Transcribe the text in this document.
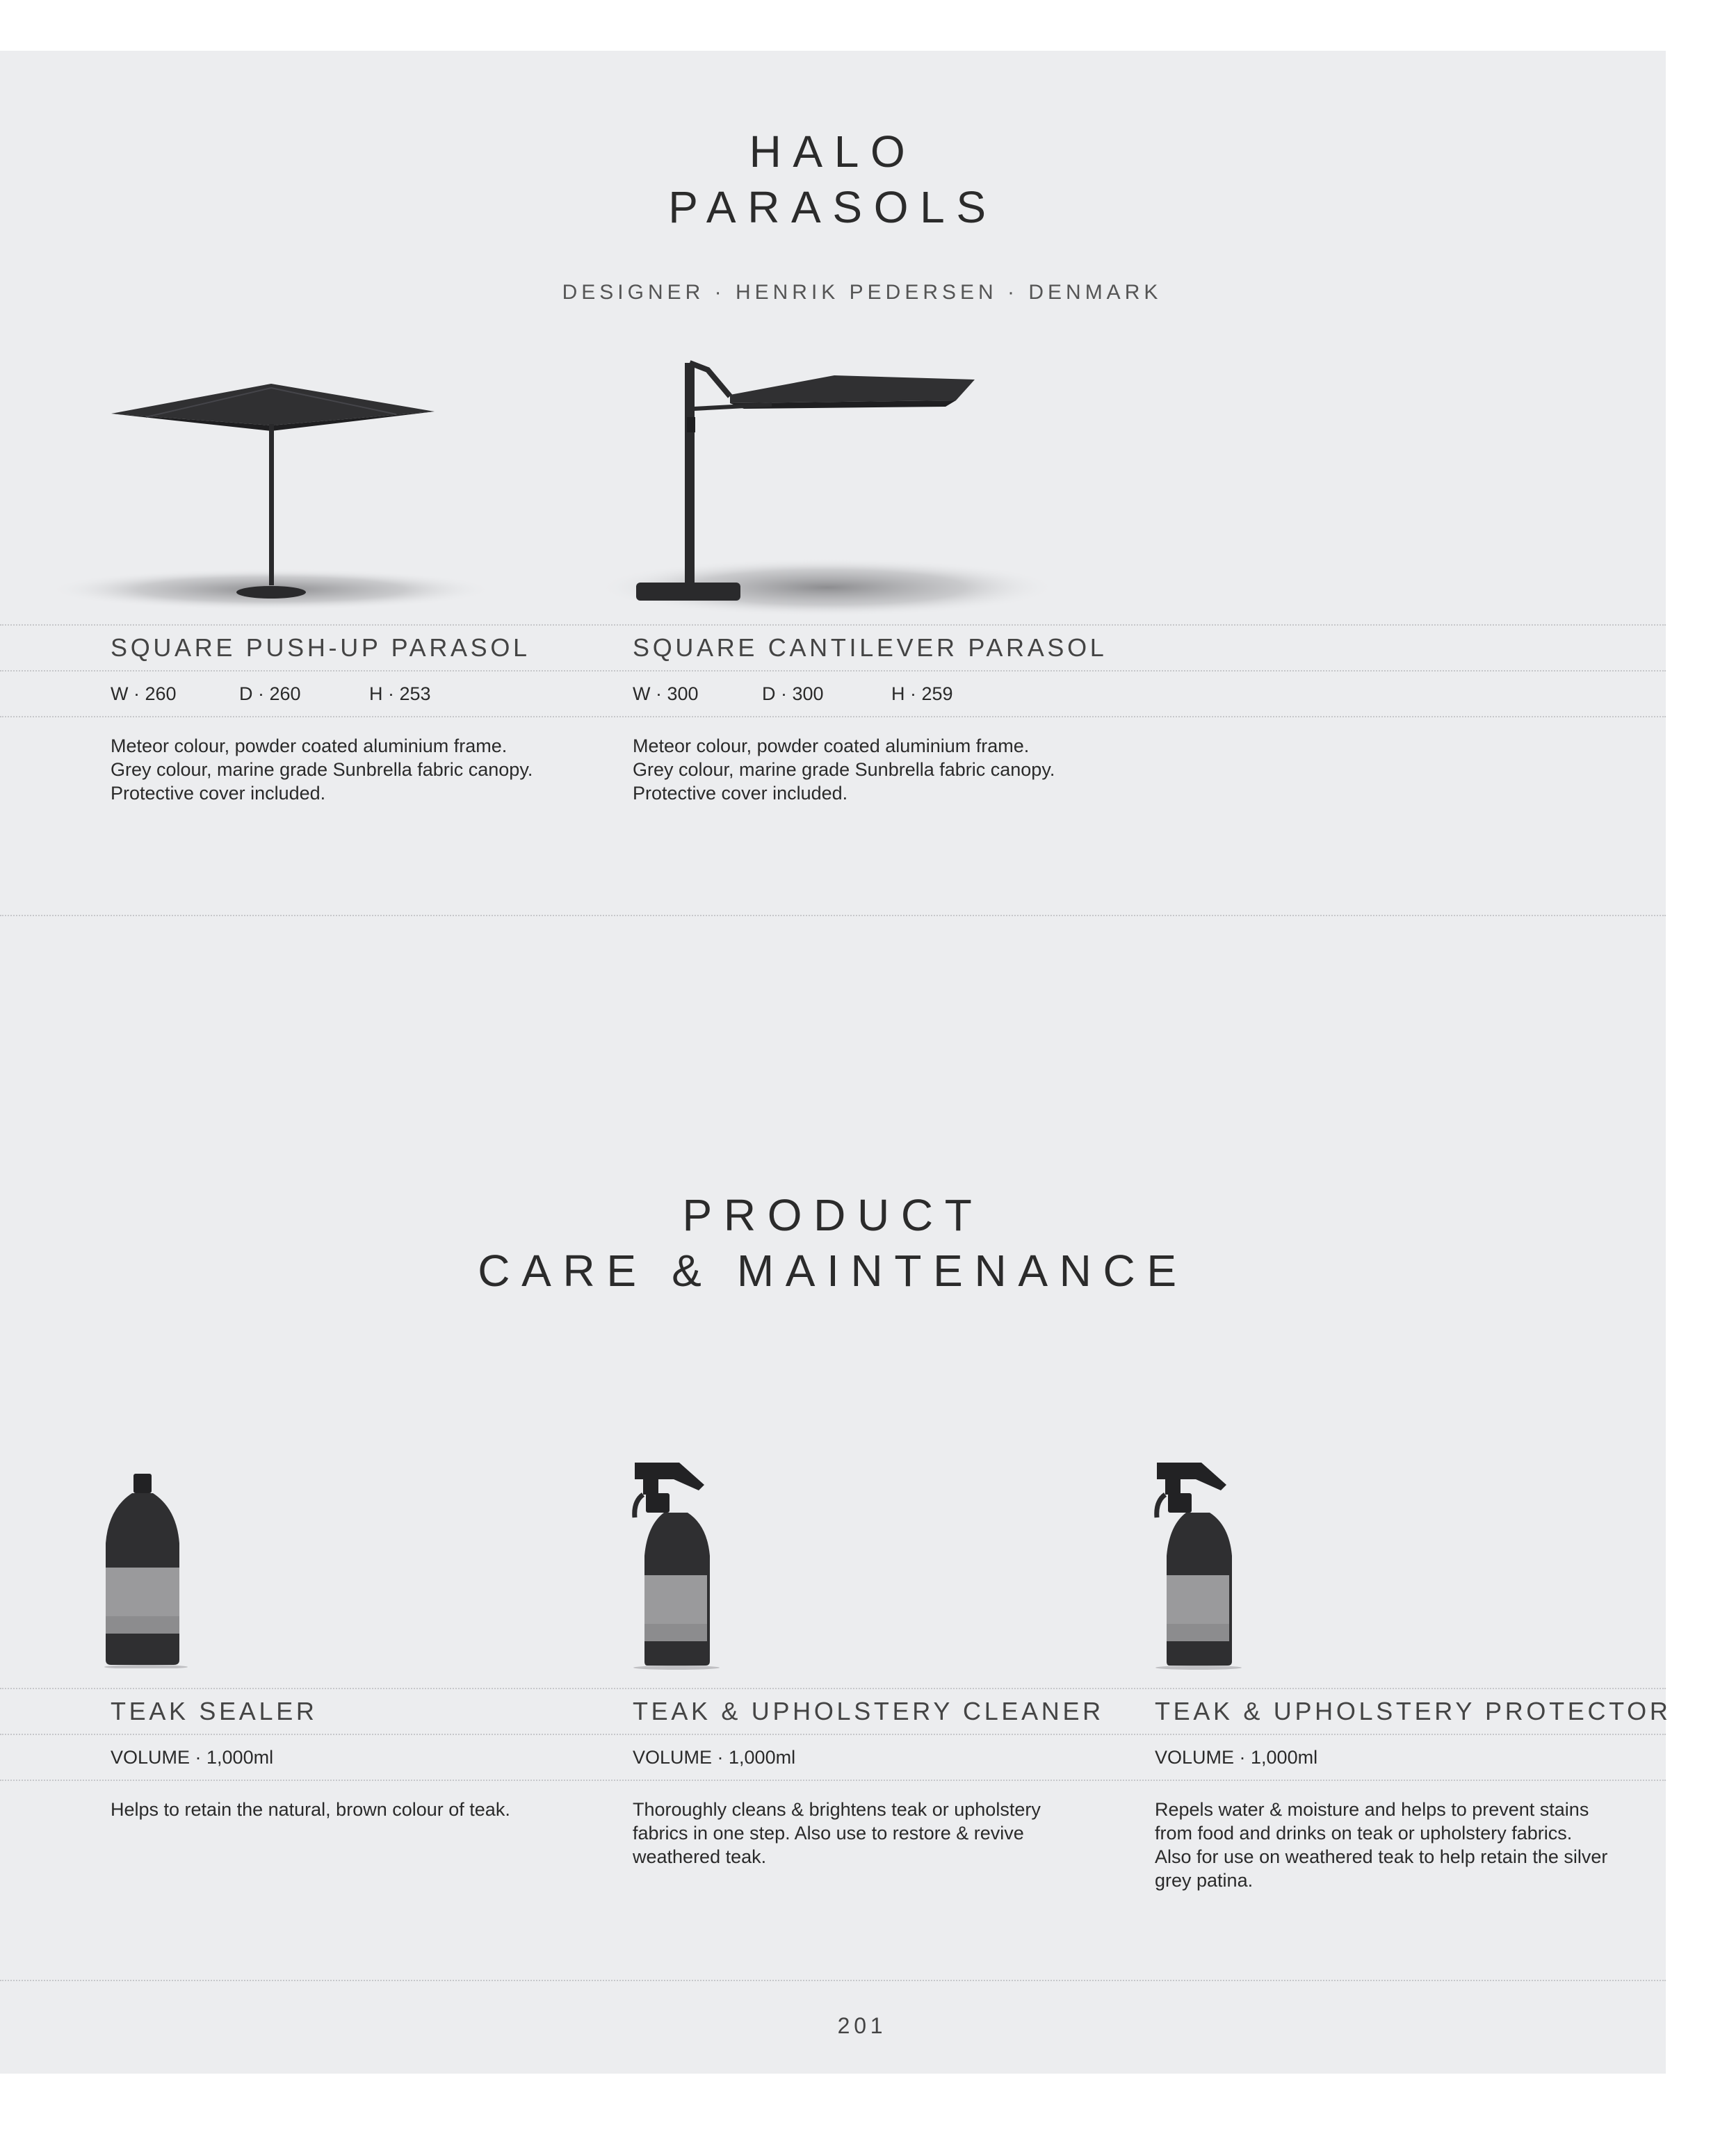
HALO
PARASOLS
DESIGNER · HENRIK PEDERSEN · DENMARK
SQUARE PUSH-UP PARASOL
W · 260	D · 260	H · 253
Meteor colour, powder coated aluminium frame.
Grey colour, marine grade Sunbrella fabric canopy.
Protective cover included.
SQUARE CANTILEVER PARASOL
W · 300	D · 300	H · 259
Meteor colour, powder coated aluminium frame.
Grey colour, marine grade Sunbrella fabric canopy.
Protective cover included.
PRODUCT
CARE & MAINTENANCE
TEAK SEALER
VOLUME · 1,000ml
Helps to retain the natural, brown colour of teak.
TEAK & UPHOLSTERY CLEANER
VOLUME · 1,000ml
Thoroughly cleans & brightens teak or upholstery
fabrics in one step. Also use to restore & revive
weathered teak.
TEAK & UPHOLSTERY PROTECTOR
VOLUME · 1,000ml
Repels water & moisture and helps to prevent stains
from food and drinks on teak or upholstery fabrics.
Also for use on weathered teak to help retain the silver
grey patina.
201
